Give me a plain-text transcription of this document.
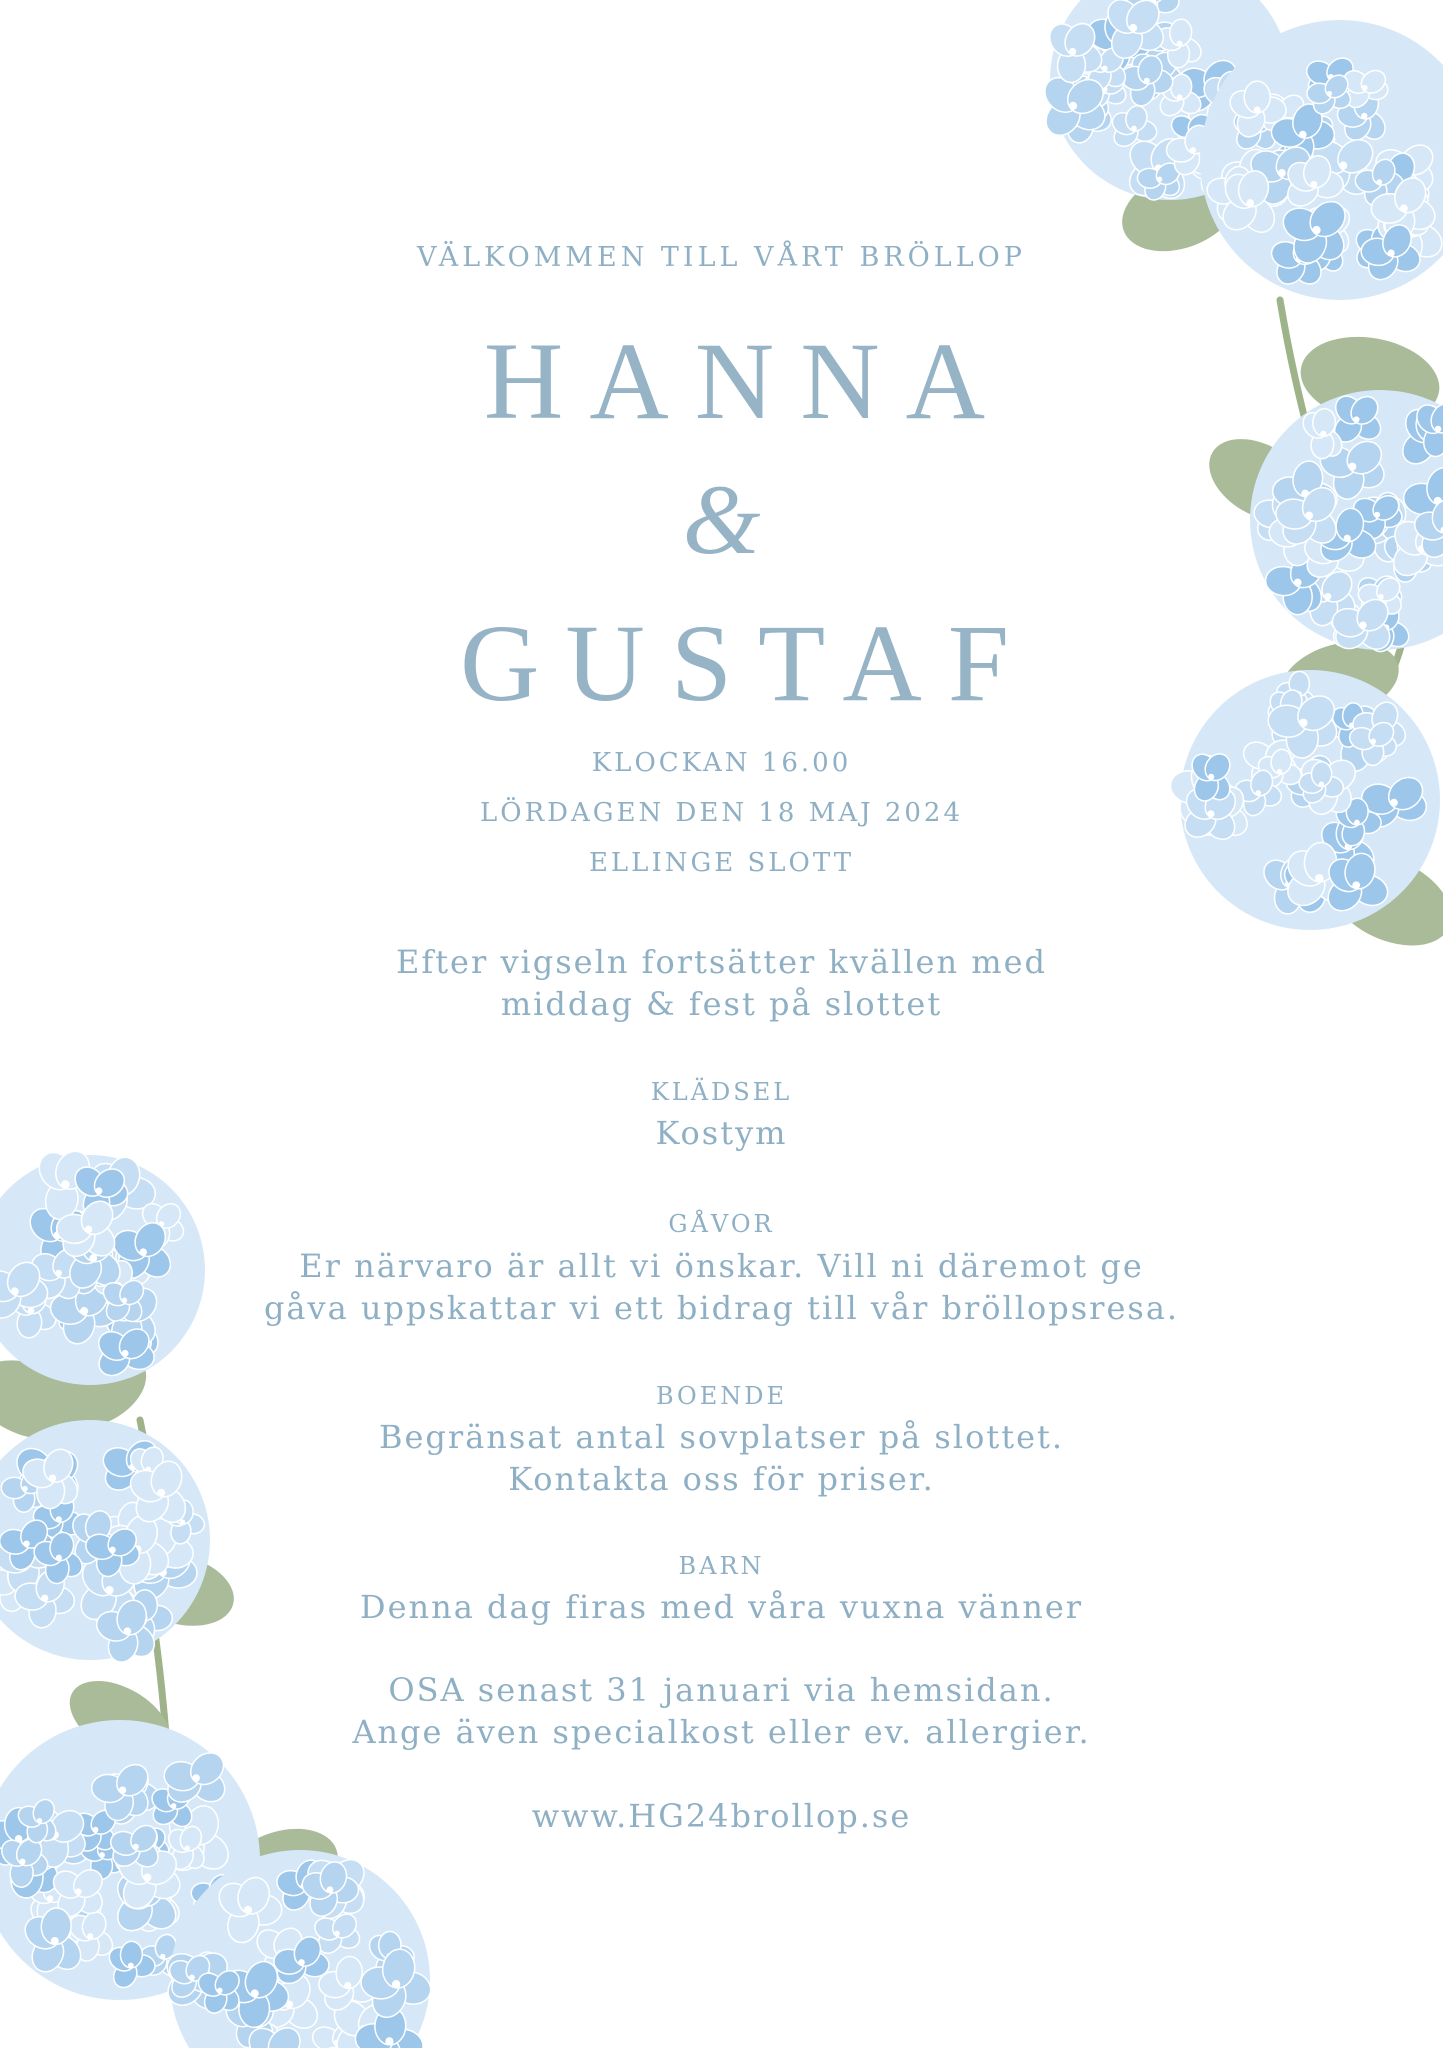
VÄLKOMMEN TILL VÅRT BRÖLLOP
HANNA
&
GUSTAF
KLOCKAN 16.00
LÖRDAGEN DEN 18 MAJ 2024
ELLINGE SLOTT
Efter vigseln fortsätter kvällen med
middag & fest på slottet
KLÄDSEL
Kostym
GÅVOR
Er närvaro är allt vi önskar. Vill ni däremot ge
gåva uppskattar vi ett bidrag till vår bröllopsresa.
BOENDE
Begränsat antal sovplatser på slottet.
Kontakta oss för priser.
BARN
Denna dag firas med våra vuxna vänner
OSA senast 31 januari via hemsidan.
Ange även specialkost eller ev. allergier.
www.HG24brollop.se
